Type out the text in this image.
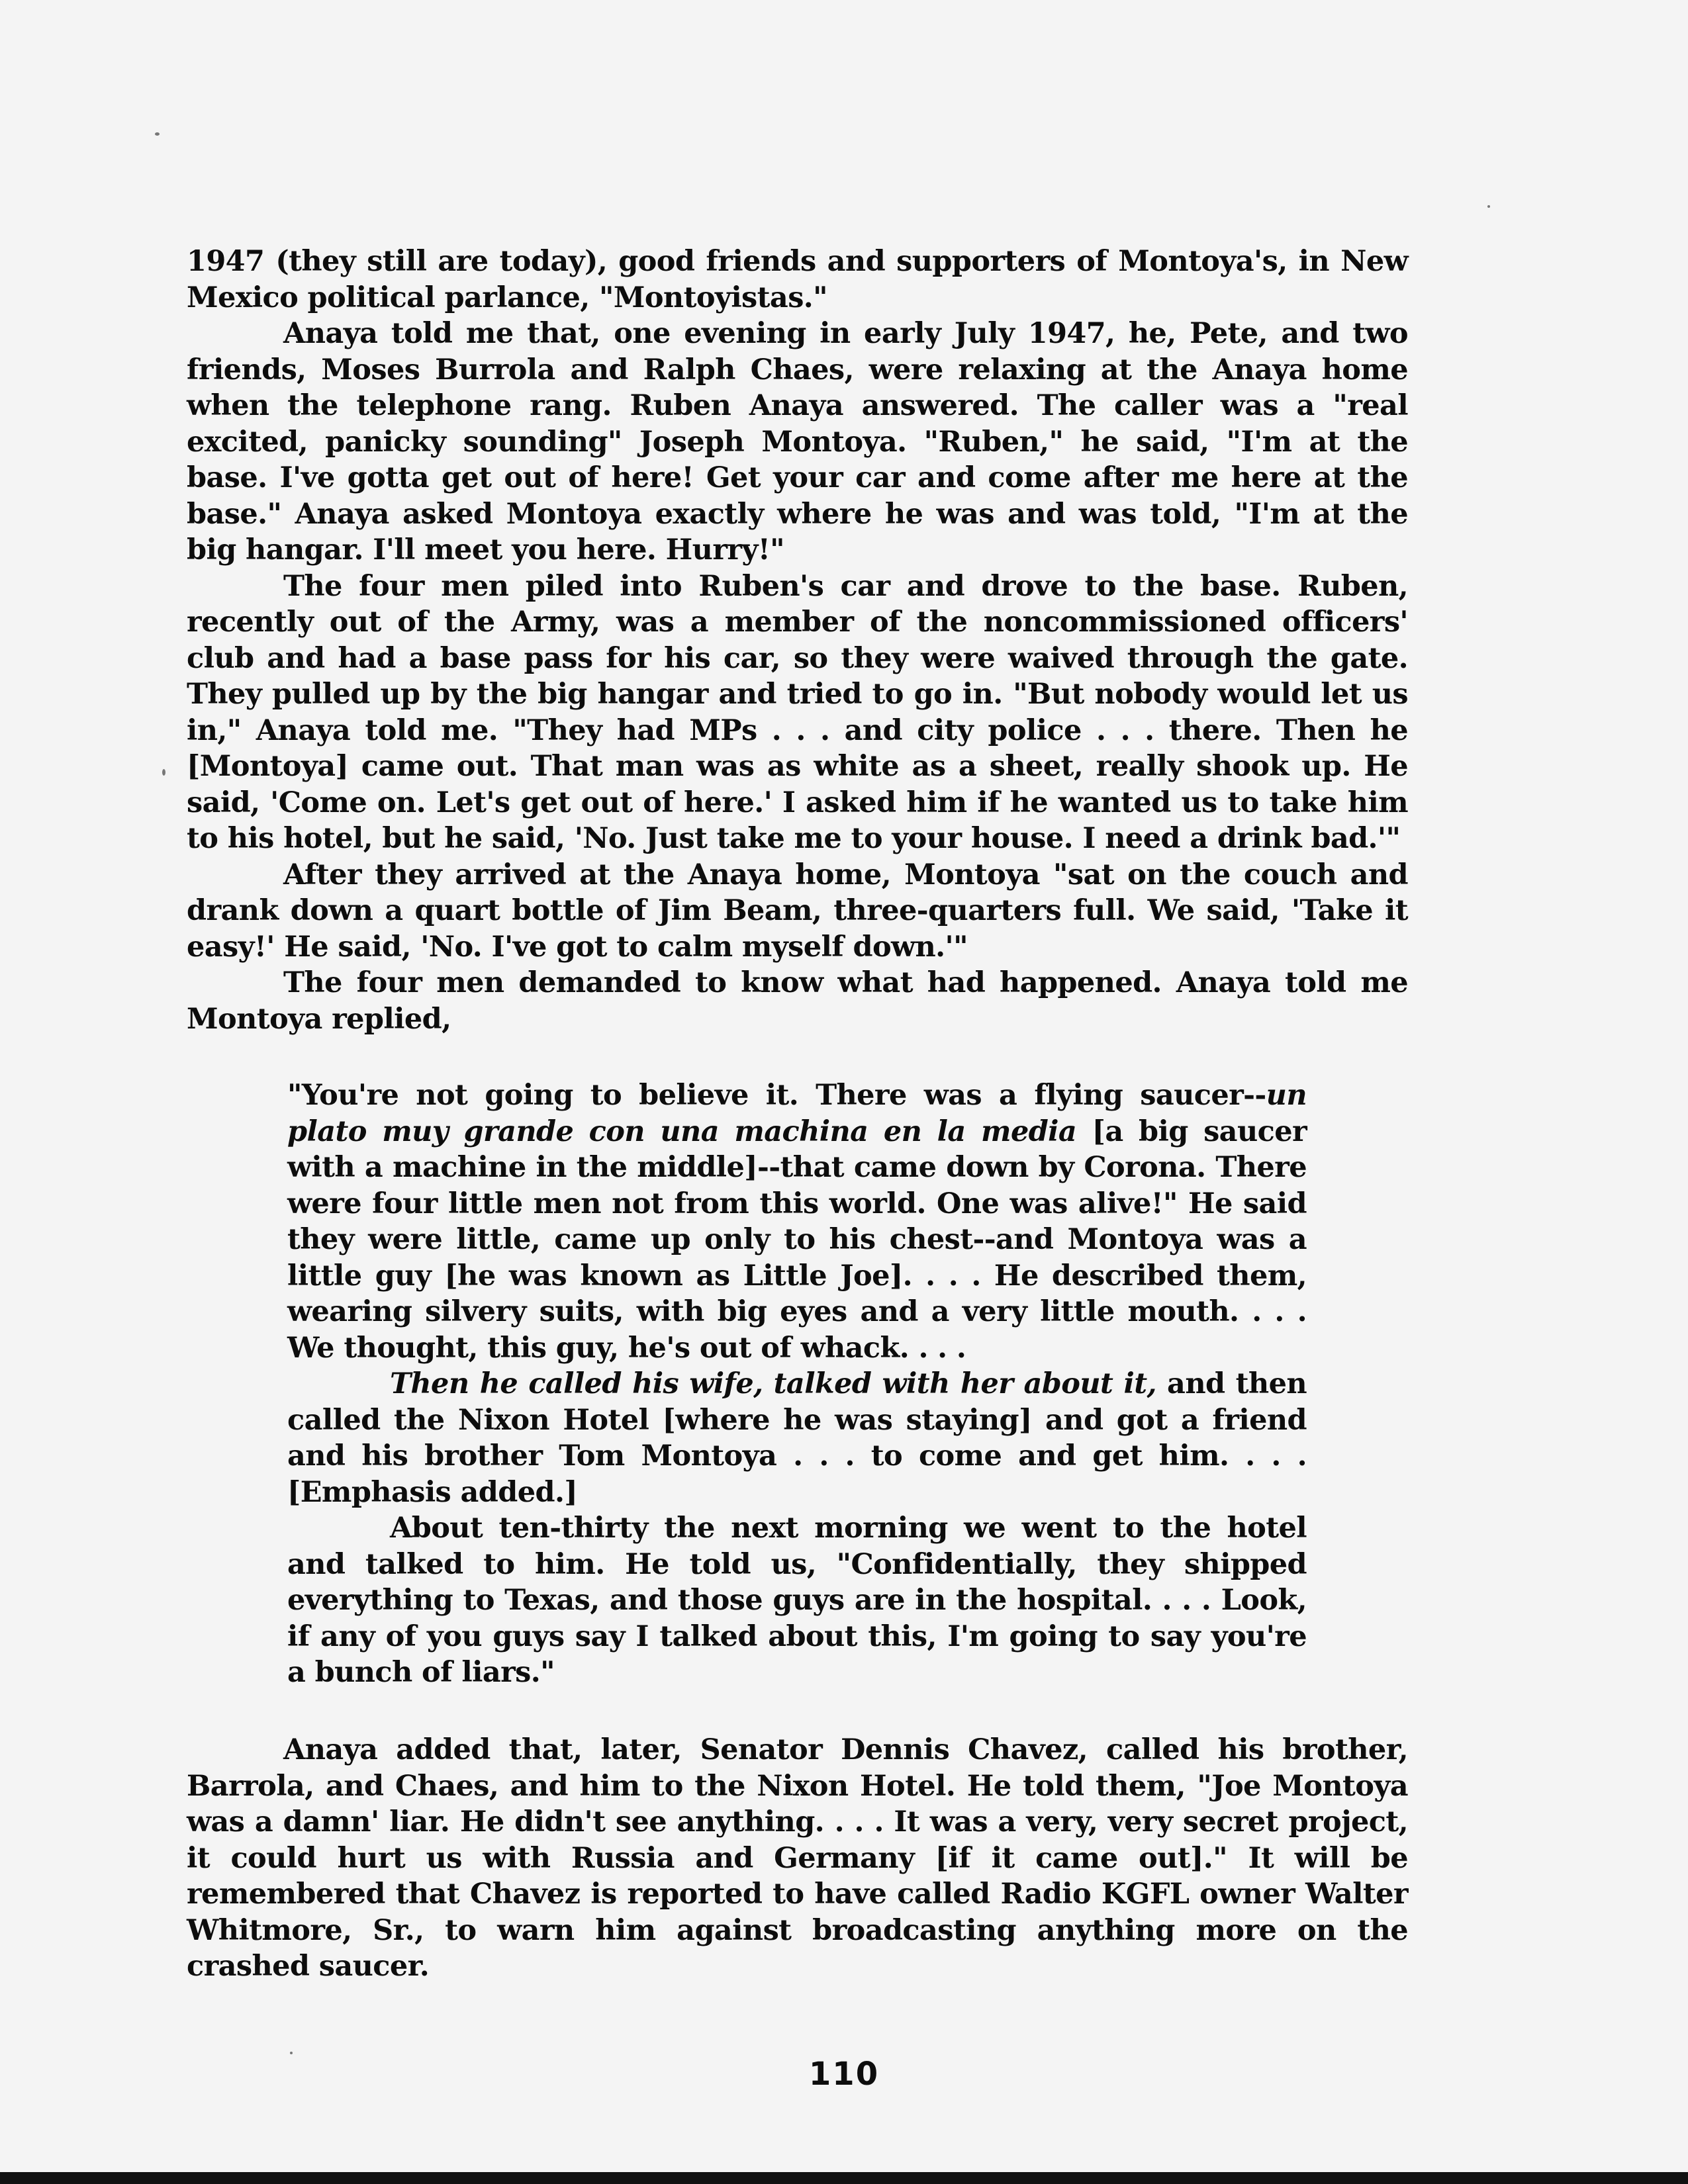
1947 (they still are today), good friends and supporters of Montoya's, in New Mexico political parlance, "Montoyistas."

Anaya told me that, one evening in early July 1947, he, Pete, and two friends, Moses Burrola and Ralph Chaes, were relaxing at the Anaya home when the telephone rang. Ruben Anaya answered. The caller was a "real excited, panicky sounding" Joseph Montoya. "Ruben," he said, "I'm at the base. I've gotta get out of here! Get your car and come after me here at the base." Anaya asked Montoya exactly where he was and was told, "I'm at the big hangar. I'll meet you here. Hurry!"

The four men piled into Ruben's car and drove to the base. Ruben, recently out of the Army, was a member of the noncommissioned officers' club and had a base pass for his car, so they were waived through the gate. They pulled up by the big hangar and tried to go in. "But nobody would let us in," Anaya told me. "They had MPs . . . and city police . . . there. Then he [Montoya] came out. That man was as white as a sheet, really shook up. He said, 'Come on. Let's get out of here.' I asked him if he wanted us to take him to his hotel, but he said, 'No. Just take me to your house. I need a drink bad.'"

After they arrived at the Anaya home, Montoya "sat on the couch and drank down a quart bottle of Jim Beam, three-quarters full. We said, 'Take it easy!' He said, 'No. I've got to calm myself down.'"

The four men demanded to know what had happened. Anaya told me Montoya replied,

"You're not going to believe it. There was a flying saucer--un plato muy grande con una machina en la media [a big saucer with a machine in the middle]--that came down by Corona. There were four little men not from this world. One was alive!" He said they were little, came up only to his chest--and Montoya was a little guy [he was known as Little Joe]. . . . He described them, wearing silvery suits, with big eyes and a very little mouth. . . . We thought, this guy, he's out of whack. . . .

Then he called his wife, talked with her about it, and then called the Nixon Hotel [where he was staying] and got a friend and his brother Tom Montoya . . . to come and get him. . . . [Emphasis added.]

About ten-thirty the next morning we went to the hotel and talked to him. He told us, "Confidentially, they shipped everything to Texas, and those guys are in the hospital. . . . Look, if any of you guys say I talked about this, I'm going to say you're a bunch of liars."

Anaya added that, later, Senator Dennis Chavez, called his brother, Barrola, and Chaes, and him to the Nixon Hotel. He told them, "Joe Montoya was a damn' liar. He didn't see anything. . . . It was a very, very secret project, it could hurt us with Russia and Germany [if it came out]." It will be remembered that Chavez is reported to have called Radio KGFL owner Walter Whitmore, Sr., to warn him against broadcasting anything more on the crashed saucer.

110
